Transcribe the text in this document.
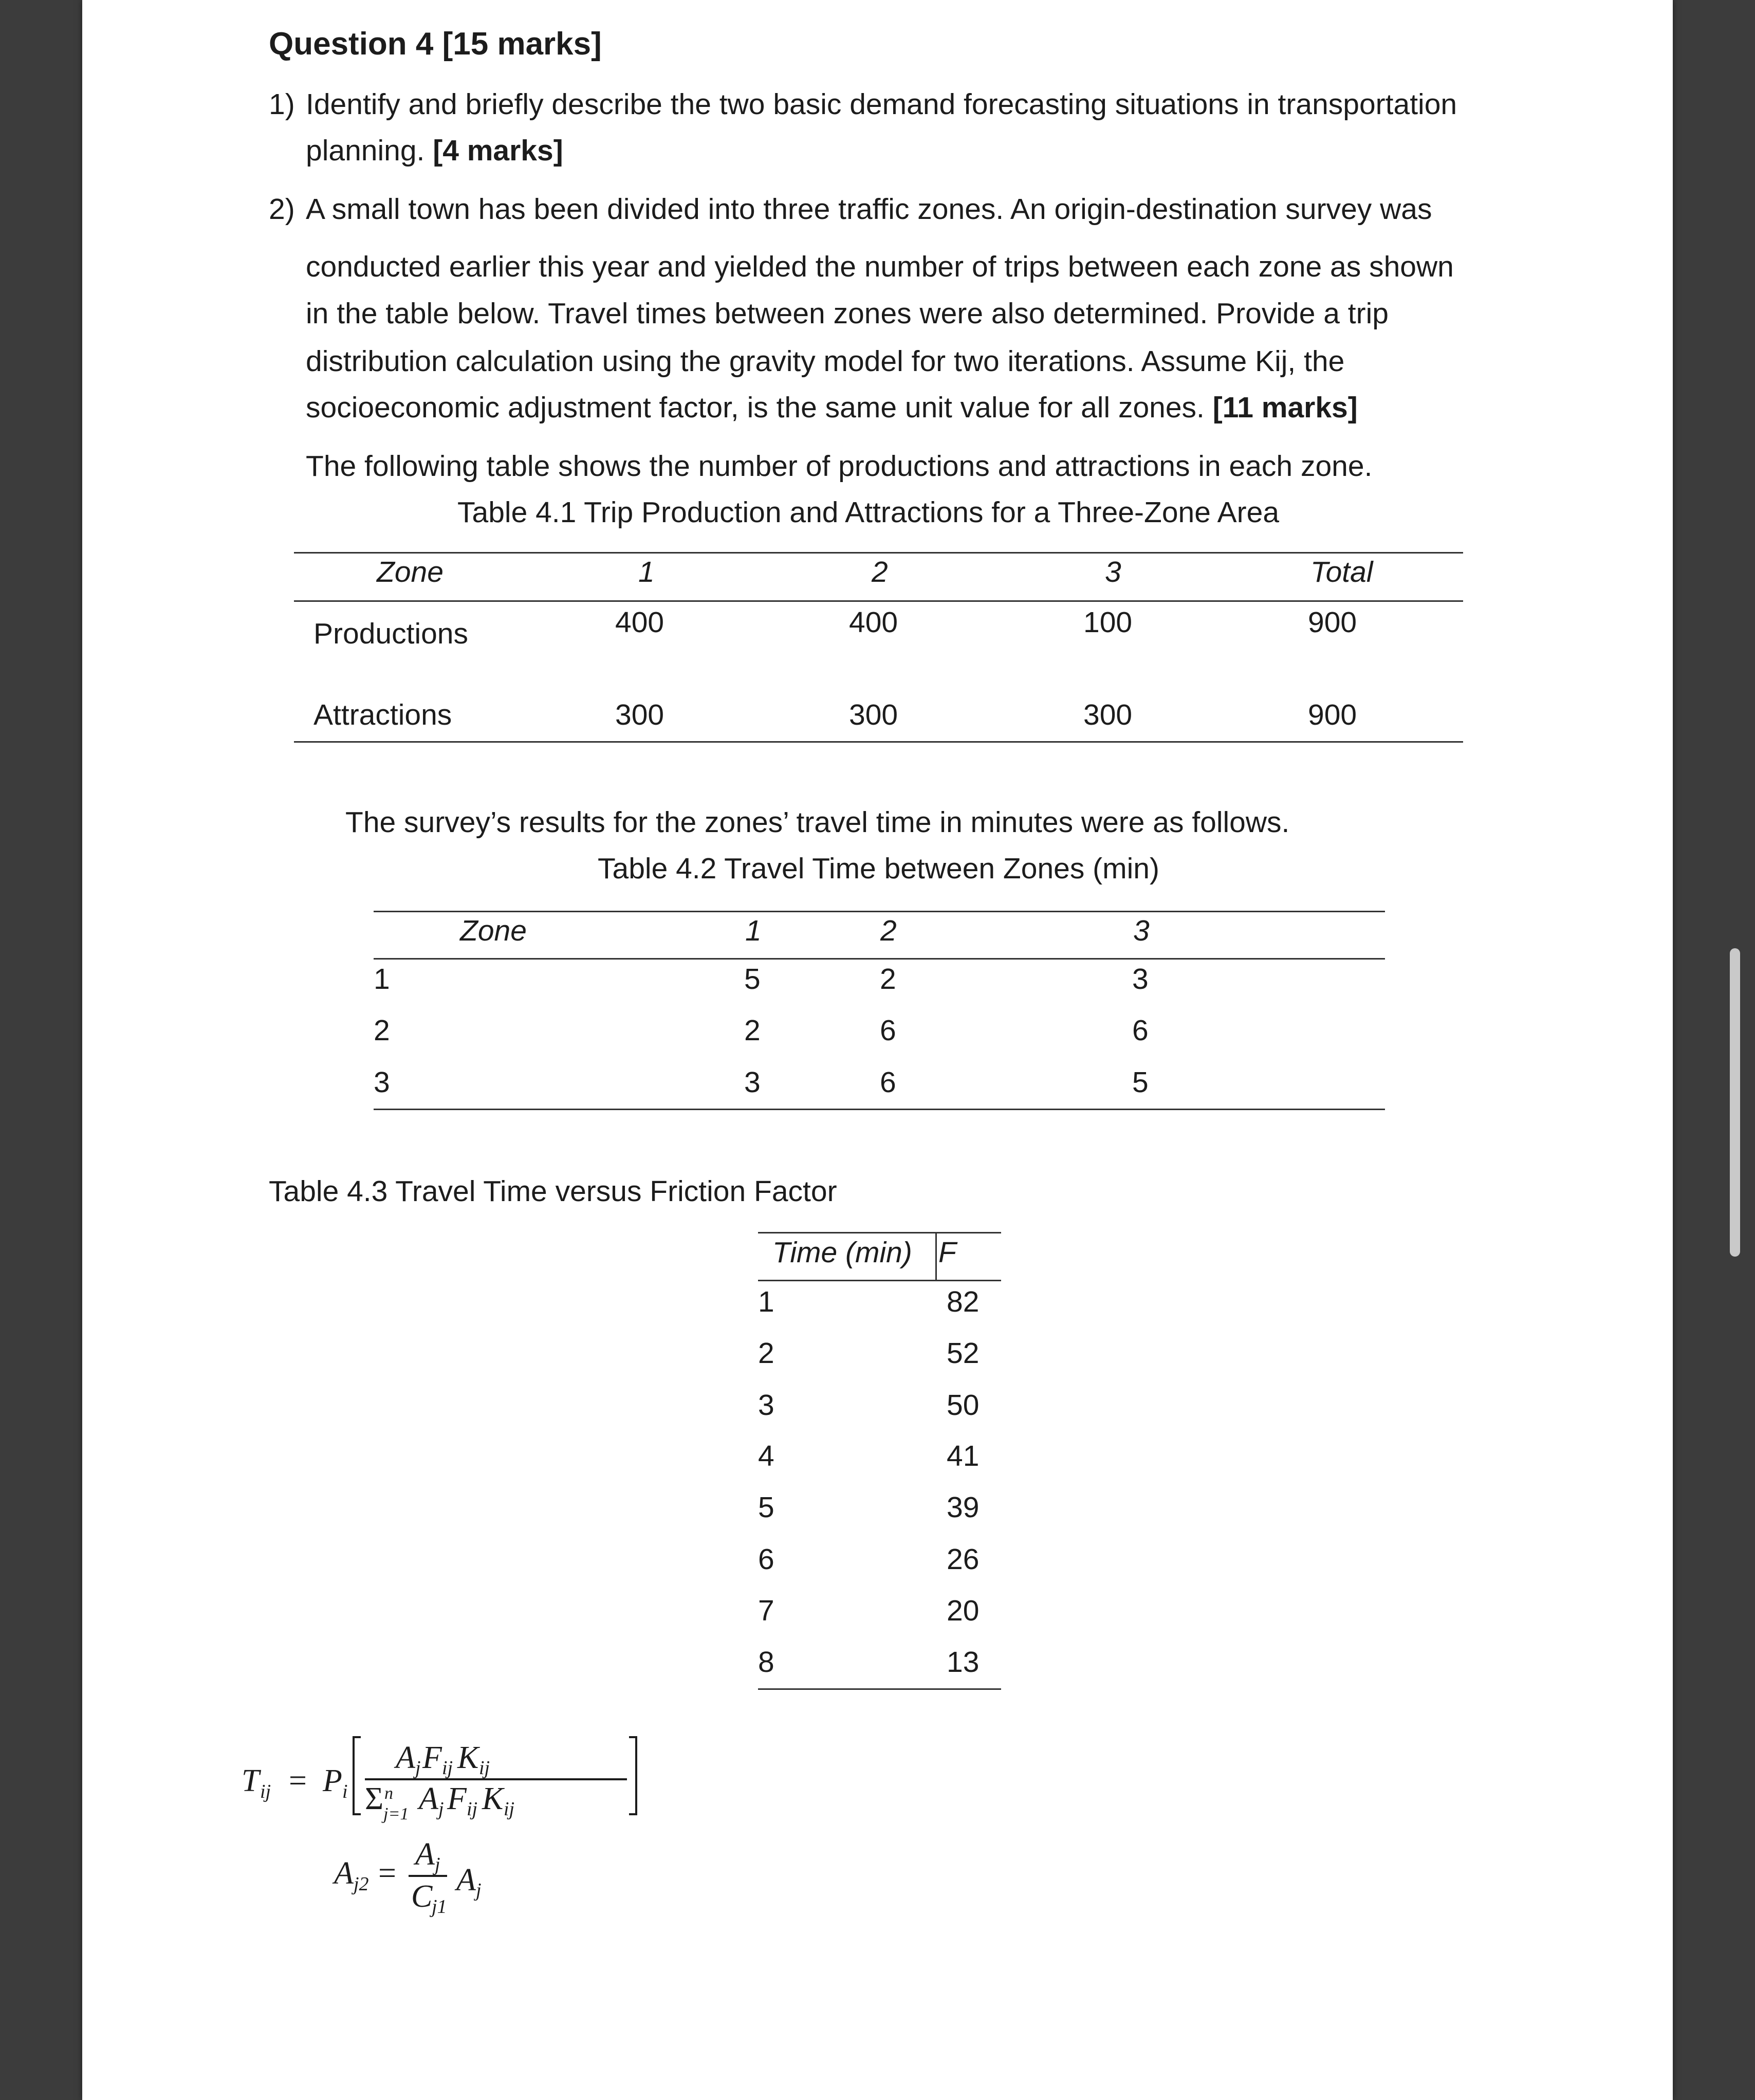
Question 4 [15 marks]
1) Identify and briefly describe the two basic demand forecasting situations in transportation
planning. [4 marks]
2) A small town has been divided into three traffic zones. An origin-destination survey was
conducted earlier this year and yielded the number of trips between each zone as shown
in the table below. Travel times between zones were also determined. Provide a trip
distribution calculation using the gravity model for two iterations. Assume Kij, the
socioeconomic adjustment factor, is the same unit value for all zones. [11 marks]
The following table shows the number of productions and attractions in each zone.
Table 4.1 Trip Production and Attractions for a Three-Zone Area
Zone	1	2	3	Total
Productions	400	400	100	900
Attractions	300	300	300	900
The survey’s results for the zones’ travel time in minutes were as follows.
Table 4.2 Travel Time between Zones (min)
Zone	1	2	3
1	5	2	3
2	2	6	6
3	3	6	5
Table 4.3 Travel Time versus Friction Factor
Time (min) F
1	82
2	52
3	50
4	41
5	39
6	26
7	20
8	13
T ij = P i
A j F ij K ij
Σ n
j=1 A j F ij K ij
A j2 =
A j
C
j1
A j
